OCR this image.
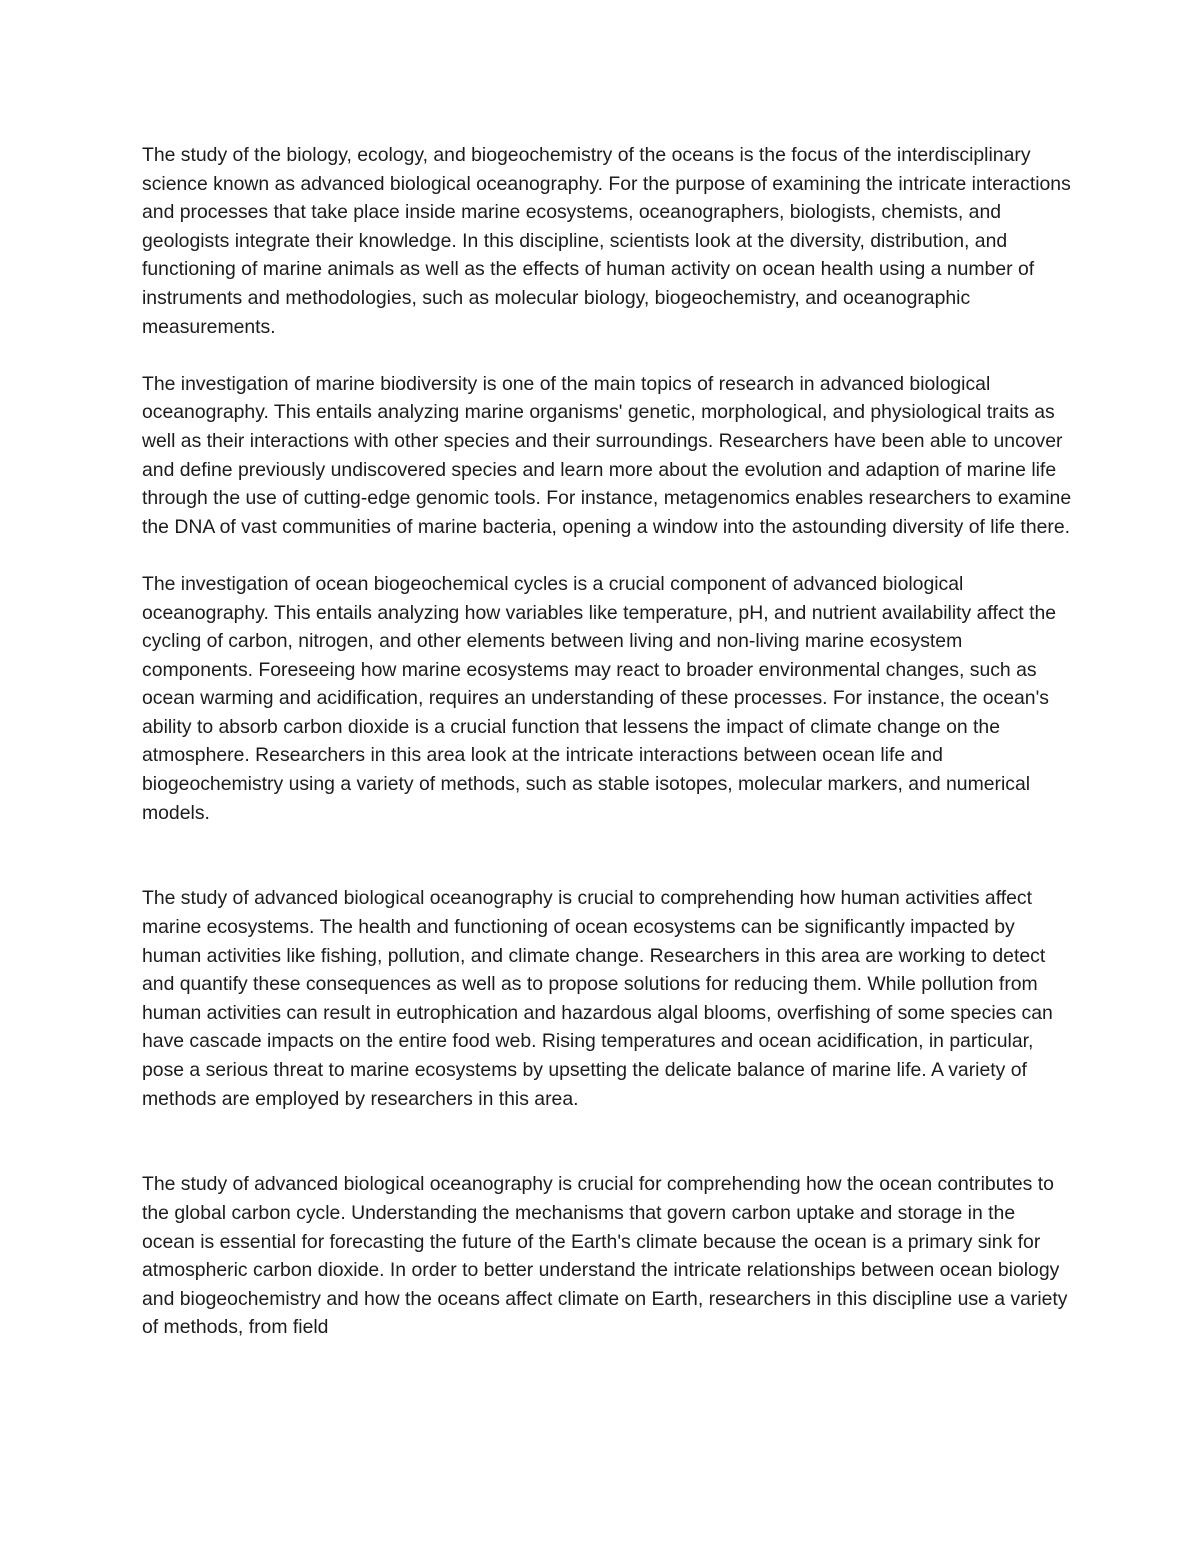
The study of the biology, ecology, and biogeochemistry of the oceans is the focus of the interdisciplinary science known as advanced biological oceanography. For the purpose of examining the intricate interactions and processes that take place inside marine ecosystems, oceanographers, biologists, chemists, and geologists integrate their knowledge. In this discipline, scientists look at the diversity, distribution, and functioning of marine animals as well as the effects of human activity on ocean health using a number of instruments and methodologies, such as molecular biology, biogeochemistry, and oceanographic measurements.

The investigation of marine biodiversity is one of the main topics of research in advanced biological oceanography. This entails analyzing marine organisms' genetic, morphological, and physiological traits as well as their interactions with other species and their surroundings. Researchers have been able to uncover and define previously undiscovered species and learn more about the evolution and adaption of marine life through the use of cutting-edge genomic tools. For instance, metagenomics enables researchers to examine the DNA of vast communities of marine bacteria, opening a window into the astounding diversity of life there.

The investigation of ocean biogeochemical cycles is a crucial component of advanced biological oceanography. This entails analyzing how variables like temperature, pH, and nutrient availability affect the cycling of carbon, nitrogen, and other elements between living and non-living marine ecosystem components. Foreseeing how marine ecosystems may react to broader environmental changes, such as ocean warming and acidification, requires an understanding of these processes. For instance, the ocean's ability to absorb carbon dioxide is a crucial function that lessens the impact of climate change on the atmosphere. Researchers in this area look at the intricate interactions between ocean life and biogeochemistry using a variety of methods, such as stable isotopes, molecular markers, and numerical models.

The study of advanced biological oceanography is crucial to comprehending how human activities affect marine ecosystems. The health and functioning of ocean ecosystems can be significantly impacted by human activities like fishing, pollution, and climate change. Researchers in this area are working to detect and quantify these consequences as well as to propose solutions for reducing them. While pollution from human activities can result in eutrophication and hazardous algal blooms, overfishing of some species can have cascade impacts on the entire food web. Rising temperatures and ocean acidification, in particular, pose a serious threat to marine ecosystems by upsetting the delicate balance of marine life. A variety of methods are employed by researchers in this area.

The study of advanced biological oceanography is crucial for comprehending how the ocean contributes to the global carbon cycle. Understanding the mechanisms that govern carbon uptake and storage in the ocean is essential for forecasting the future of the Earth's climate because the ocean is a primary sink for atmospheric carbon dioxide. In order to better understand the intricate relationships between ocean biology and biogeochemistry and how the oceans affect climate on Earth, researchers in this discipline use a variety of methods, from field
